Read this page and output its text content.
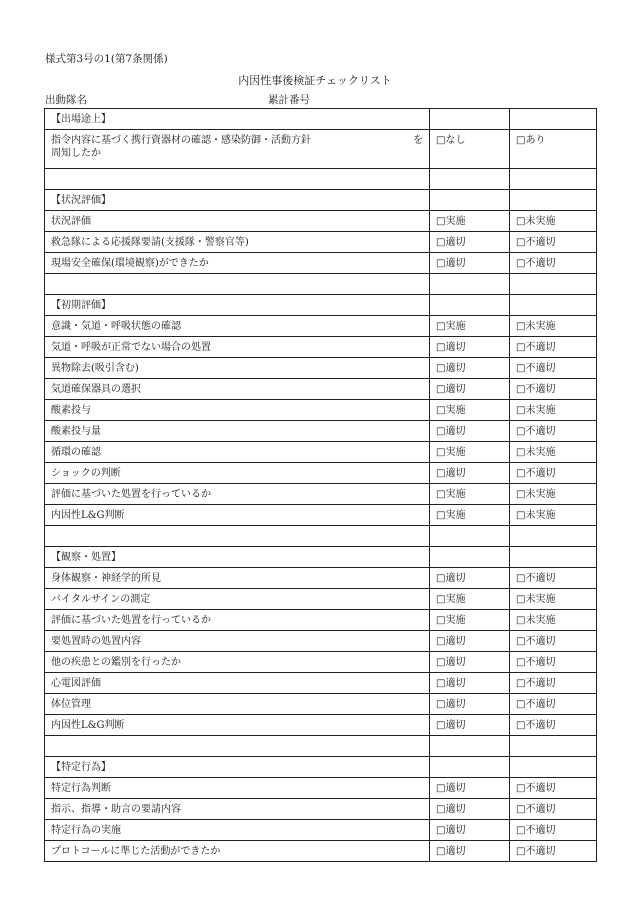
様式第3号の1(第7条関係)
内因性事後検証チェックリスト
出動隊名	累計番号
【出場途上】		
指令内容に基づく携行資器材の確認・感染防御・活動方針 を

周知したか	□なし	□あり

【状況評価】		
状況評価	□実施	□未実施
救急隊による応援隊要請(支援隊・警察官等)	□適切	□不適切
現場安全確保(環境観察)ができたか	□適切	□不適切

【初期評価】		
意識・気道・呼吸状態の確認	□実施	□未実施
気道・呼吸が正常でない場合の処置	□適切	□不適切
異物除去(吸引含む)	□適切	□不適切
気道確保器具の選択	□適切	□不適切
酸素投与	□実施	□未実施
酸素投与量	□適切	□不適切
循環の確認	□実施	□未実施
ショックの判断	□適切	□不適切
評価に基づいた処置を行っているか	□実施	□未実施
内因性L&G判断	□実施	□未実施

【観察・処置】		
身体観察・神経学的所見	□適切	□不適切
バイタルサインの測定	□実施	□未実施
評価に基づいた処置を行っているか	□実施	□未実施
要処置時の処置内容	□適切	□不適切
他の疾患との鑑別を行ったか	□適切	□不適切
心電図評価	□適切	□不適切
体位管理	□適切	□不適切
内因性L&G判断	□適切	□不適切

【特定行為】		
特定行為判断	□適切	□不適切
指示、指導・助言の要請内容	□適切	□不適切
特定行為の実施	□適切	□不適切
プロトコールに準じた活動ができたか	□適切	□不適切
